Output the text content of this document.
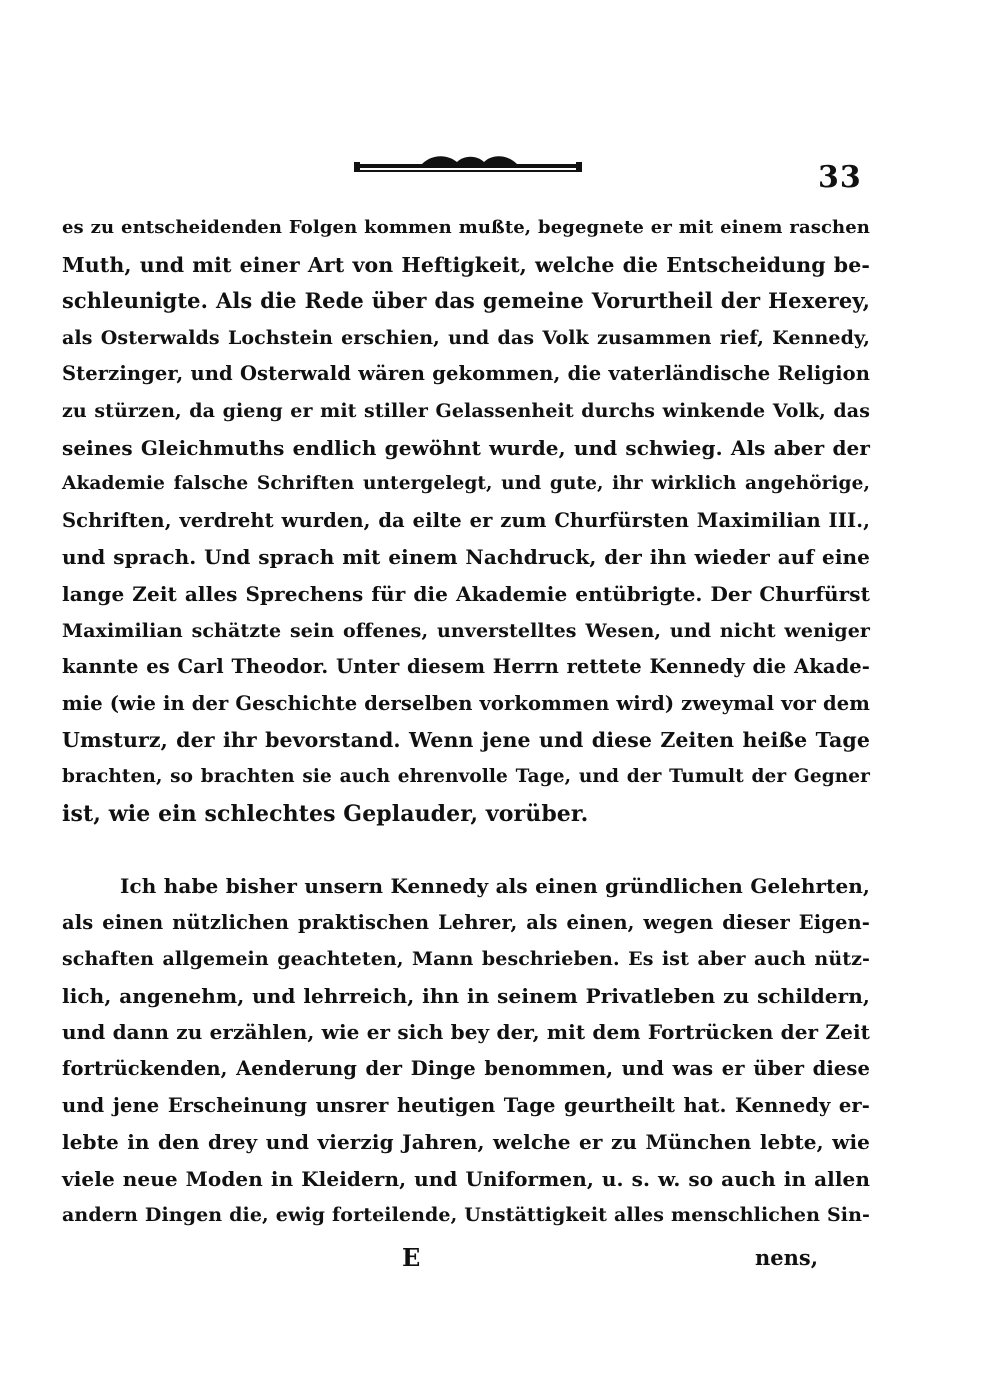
33
es zu entscheidenden Folgen kommen mußte, begegnete er mit einem raschen
Muth, und mit einer Art von Heftigkeit, welche die Entscheidung be-
schleunigte. Als die Rede über das gemeine Vorurtheil der Hexerey,
als Osterwalds Lochstein erschien, und das Volk zusammen rief, Kennedy,
Sterzinger, und Osterwald wären gekommen, die vaterländische Religion
zu stürzen, da gieng er mit stiller Gelassenheit durchs winkende Volk, das
seines Gleichmuths endlich gewöhnt wurde, und schwieg. Als aber der
Akademie falsche Schriften untergelegt, und gute, ihr wirklich angehörige,
Schriften, verdreht wurden, da eilte er zum Churfürsten Maximilian III.,
und sprach. Und sprach mit einem Nachdruck, der ihn wieder auf eine
lange Zeit alles Sprechens für die Akademie entübrigte. Der Churfürst
Maximilian schätzte sein offenes, unverstelltes Wesen, und nicht weniger
kannte es Carl Theodor. Unter diesem Herrn rettete Kennedy die Akade-
mie (wie in der Geschichte derselben vorkommen wird) zweymal vor dem
Umsturz, der ihr bevorstand. Wenn jene und diese Zeiten heiße Tage
brachten, so brachten sie auch ehrenvolle Tage, und der Tumult der Gegner
ist, wie ein schlechtes Geplauder, vorüber.
Ich habe bisher unsern Kennedy als einen gründlichen Gelehrten,
als einen nützlichen praktischen Lehrer, als einen, wegen dieser Eigen-
schaften allgemein geachteten, Mann beschrieben. Es ist aber auch nütz-
lich, angenehm, und lehrreich, ihn in seinem Privatleben zu schildern,
und dann zu erzählen, wie er sich bey der, mit dem Fortrücken der Zeit
fortrückenden, Aenderung der Dinge benommen, und was er über diese
und jene Erscheinung unsrer heutigen Tage geurtheilt hat. Kennedy er-
lebte in den drey und vierzig Jahren, welche er zu München lebte, wie
viele neue Moden in Kleidern, und Uniformen, u. s. w. so auch in allen
andern Dingen die, ewig forteilende, Unstättigkeit alles menschlichen Sin-
E	nens,
